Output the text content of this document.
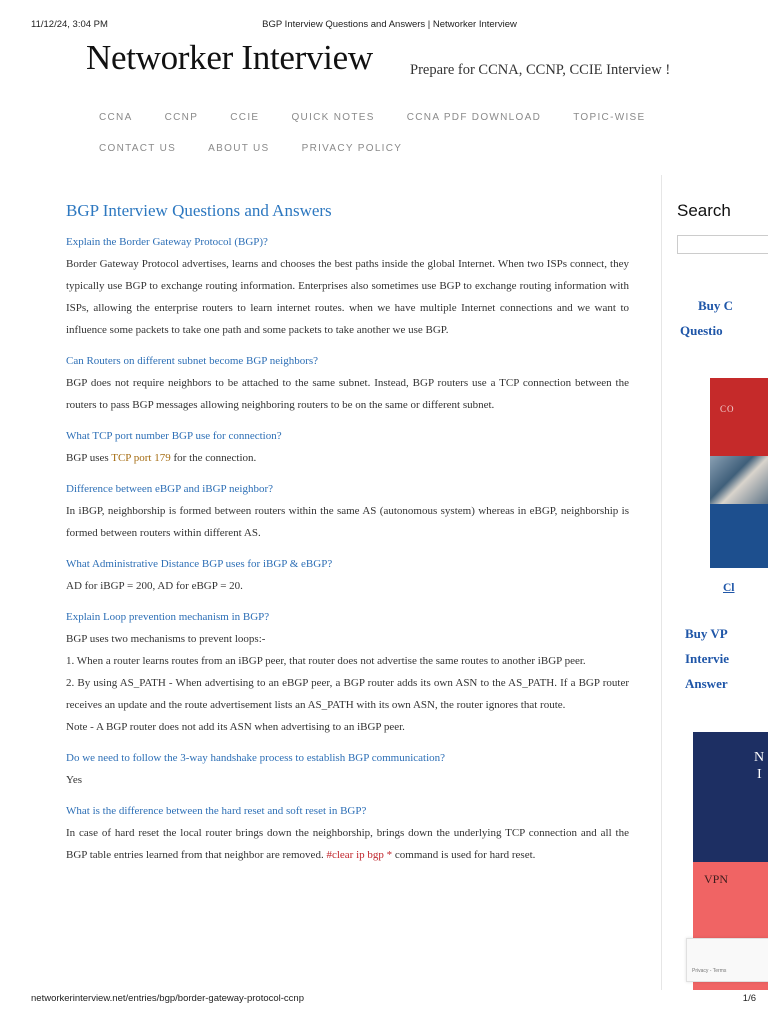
11/12/24, 3:04 PM	BGP Interview Questions and Answers | Networker Interview
Networker Interview	Prepare for CCNA, CCNP, CCIE Interview !
CCNA	CCNP	CCIE	QUICK NOTES	CCNA PDF DOWNLOAD	TOPIC-WISE
CONTACT US	ABOUT US	PRIVACY POLICY
BGP Interview Questions and Answers
Explain the Border Gateway Protocol (BGP)?
Border Gateway Protocol advertises, learns and chooses the best paths inside the global Internet. When two ISPs connect, they typically use BGP to exchange routing information. Enterprises also sometimes use BGP to exchange routing information with ISPs, allowing the enterprise routers to learn internet routes. when we have multiple Internet connections and we want to influence some packets to take one path and some packets to take another we use BGP.
Can Routers on different subnet become BGP neighbors?
BGP does not require neighbors to be attached to the same subnet. Instead, BGP routers use a TCP connection between the routers to pass BGP messages allowing neighboring routers to be on the same or different subnet.
What TCP port number BGP use for connection?
BGP uses TCP port 179 for the connection.
Difference between eBGP and iBGP neighbor?
In iBGP, neighborship is formed between routers within the same AS (autonomous system) whereas in eBGP, neighborship is formed between routers within different AS.
What Administrative Distance BGP uses for iBGP & eBGP?
AD for iBGP = 200, AD for eBGP = 20.
Explain Loop prevention mechanism in BGP?
BGP uses two mechanisms to prevent loops:-
1. When a router learns routes from an iBGP peer, that router does not advertise the same routes to another iBGP peer.
2. By using AS_PATH - When advertising to an eBGP peer, a BGP router adds its own ASN to the AS_PATH. If a BGP router receives an update and the route advertisement lists an AS_PATH with its own ASN, the router ignores that route.
Note - A BGP router does not add its ASN when advertising to an iBGP peer.
Do we need to follow the 3-way handshake process to establish BGP communication?
Yes
What is the difference between the hard reset and soft reset in BGP?
In case of hard reset the local router brings down the neighborship, brings down the underlying TCP connection and all the BGP table entries learned from that neighbor are removed. #clear ip bgp * command is used for hard reset.
Search
Buy C
Questio
CO
Cl
Buy VP
Intervie
Answer
N
I
VPN
Privacy - Terms
networkerinterview.net/entries/bgp/border-gateway-protocol-ccnp	1/6
